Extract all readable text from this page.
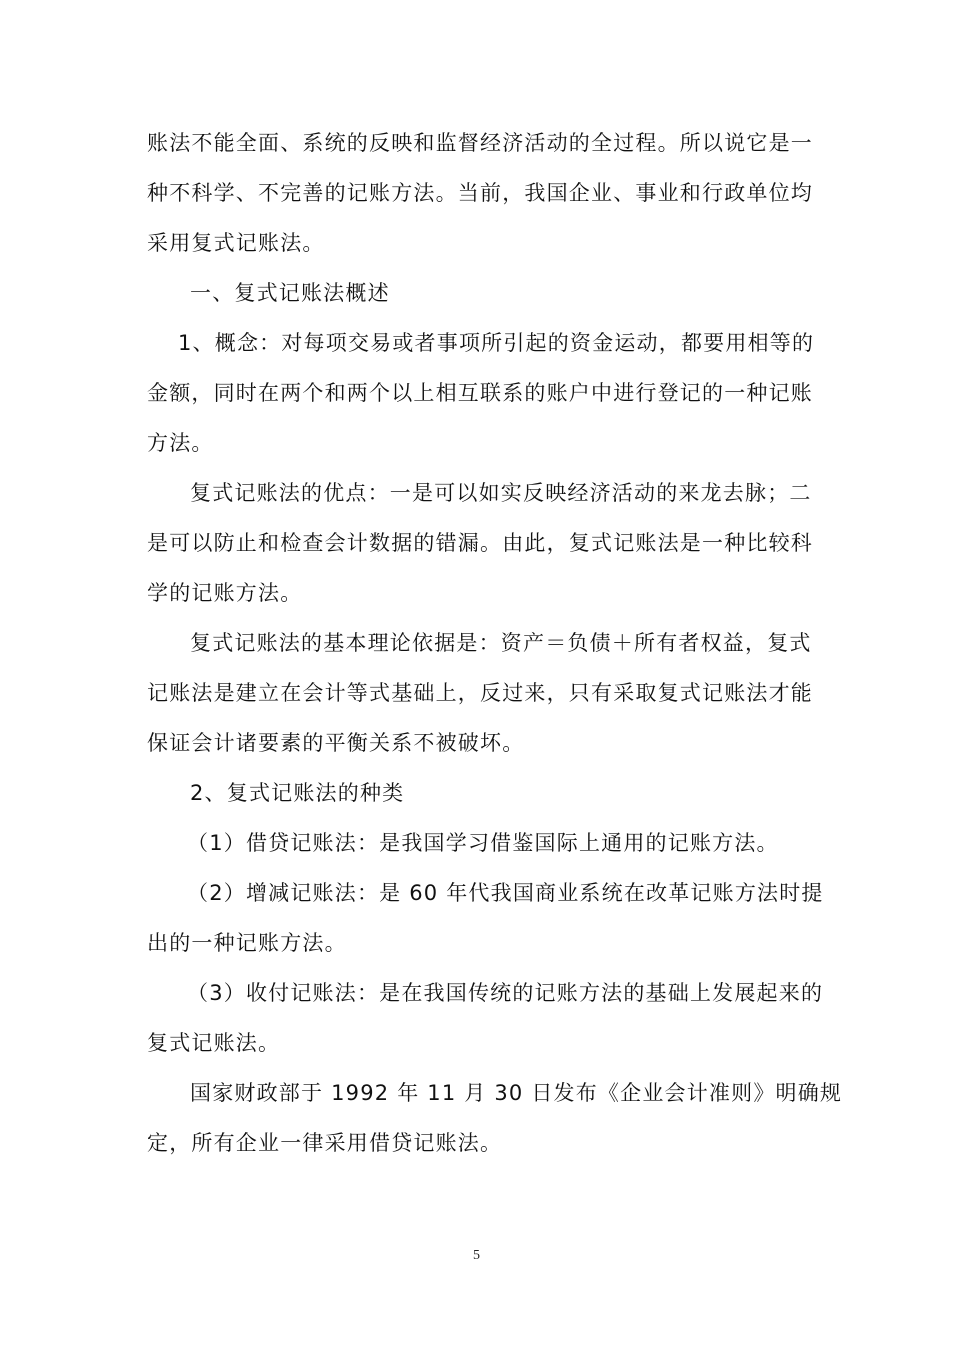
账法不能全面、系统的反映和监督经济活动的全过程。所以说它是一
种不科学、不完善的记账方法。当前，我国企业、事业和行政单位均
采用复式记账法。
一、复式记账法概述
1、概念：对每项交易或者事项所引起的资金运动，都要用相等的
金额，同时在两个和两个以上相互联系的账户中进行登记的一种记账
方法。
复式记账法的优点：一是可以如实反映经济活动的来龙去脉；二
是可以防止和检查会计数据的错漏。由此，复式记账法是一种比较科
学的记账方法。
复式记账法的基本理论依据是：资产＝负债＋所有者权益，复式
记账法是建立在会计等式基础上，反过来，只有采取复式记账法才能
保证会计诸要素的平衡关系不被破坏。
2、复式记账法的种类
（1）借贷记账法：是我国学习借鉴国际上通用的记账方法。
（2）增减记账法：是 60 年代我国商业系统在改革记账方法时提
出的一种记账方法。
（3）收付记账法：是在我国传统的记账方法的基础上发展起来的
复式记账法。
国家财政部于 1992 年 11 月 30 日发布《企业会计准则》明确规
定，所有企业一律采用借贷记账法。
5
